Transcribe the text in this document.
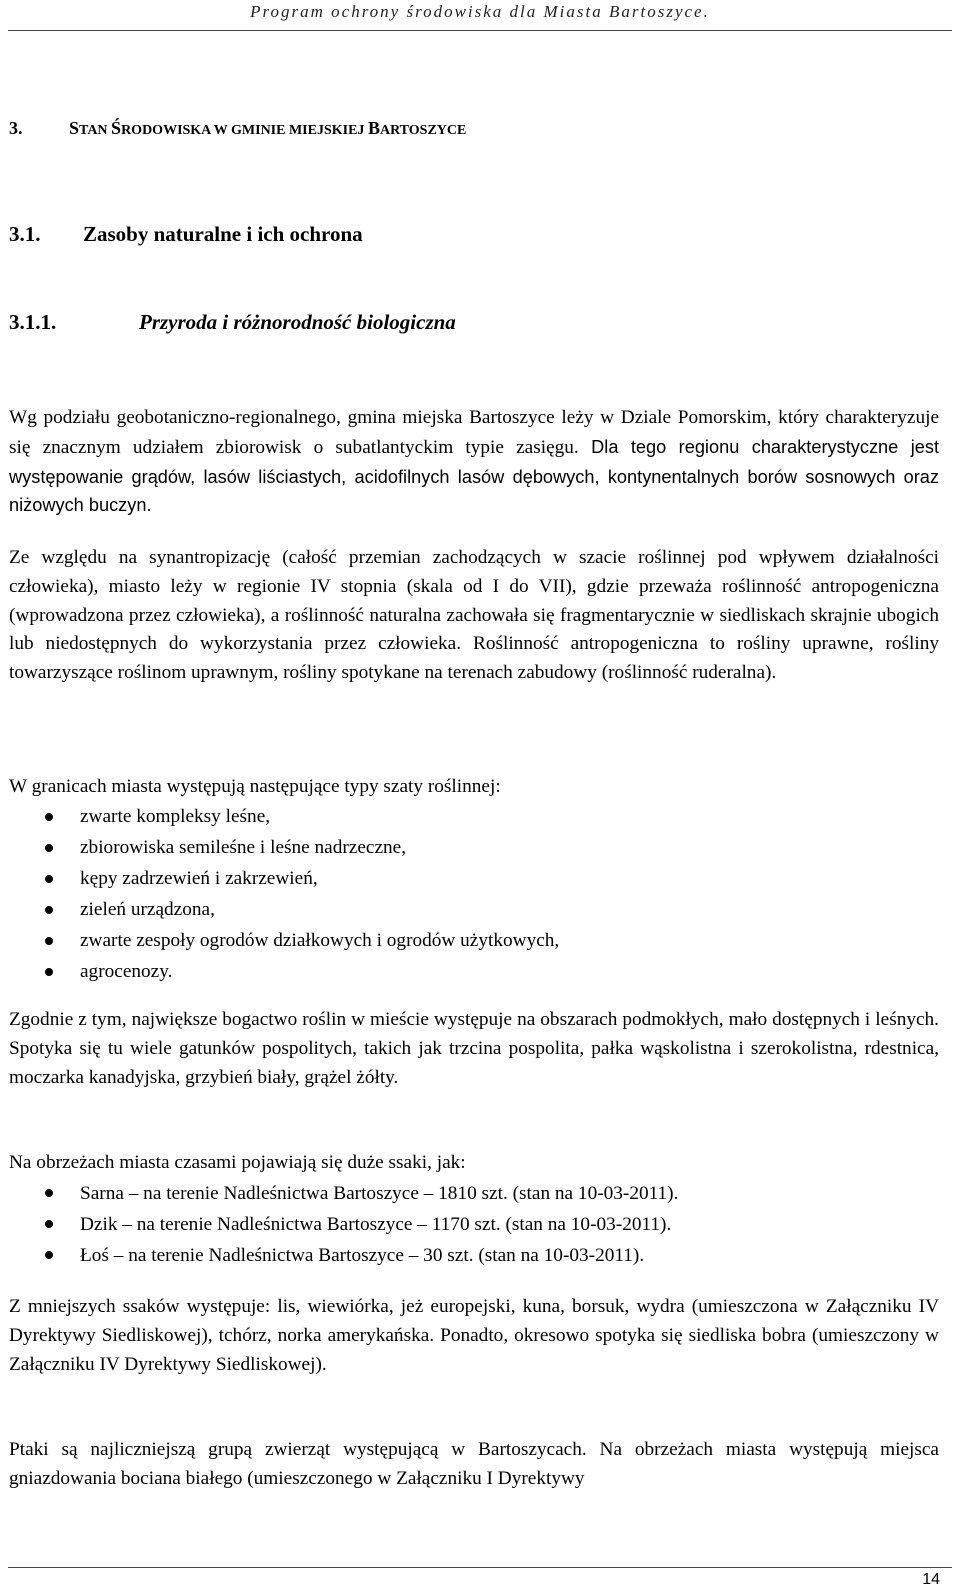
Program ochrony środowiska dla Miasta Bartoszyce.
3.	STAN ŚRODOWISKA W GMINIE MIEJSKIEJ BARTOSZYCE
3.1. Zasoby naturalne i ich ochrona
3.1.1.	Przyroda i różnorodność biologiczna

Wg podziału geobotaniczno-regionalnego, gmina miejska Bartoszyce leży w Dziale Pomorskim, który charakteryzuje się znacznym udziałem zbiorowisk o subatlantyckim typie zasięgu. Dla tego regionu charakterystyczne jest występowanie grądów, lasów liściastych, acidofilnych lasów dębowych, kontynentalnych borów sosnowych oraz niżowych buczyn.

Ze względu na synantropizację (całość przemian zachodzących w szacie roślinnej pod wpływem działalności człowieka), miasto leży w regionie IV stopnia (skala od I do VII), gdzie przeważa roślinność antropogeniczna (wprowadzona przez człowieka), a roślinność naturalna zachowała się fragmentarycznie w siedliskach skrajnie ubogich lub niedostępnych do wykorzystania przez człowieka. Roślinność antropogeniczna to rośliny uprawne, rośliny towarzyszące roślinom uprawnym, rośliny spotykane na terenach zabudowy (roślinność ruderalna).

W granicach miasta występują następujące typy szaty roślinnej:

zwarte kompleksy leśne,
zbiorowiska semileśne i leśne nadrzeczne,
kępy zadrzewień i zakrzewień,
zieleń urządzona,
zwarte zespoły ogrodów działkowych i ogrodów użytkowych,
agrocenozy.

Zgodnie z tym, największe bogactwo roślin w mieście występuje na obszarach podmokłych, mało dostępnych i leśnych. Spotyka się tu wiele gatunków pospolitych, takich jak trzcina pospolita, pałka wąskolistna i szerokolistna, rdestnica, moczarka kanadyjska, grzybień biały, grążel żółty.

Na obrzeżach miasta czasami pojawiają się duże ssaki, jak:

Sarna – na terenie Nadleśnictwa Bartoszyce – 1810 szt. (stan na 10-03-2011).
Dzik – na terenie Nadleśnictwa Bartoszyce – 1170 szt. (stan na 10-03-2011).
Łoś – na terenie Nadleśnictwa Bartoszyce – 30 szt. (stan na 10-03-2011).

Z mniejszych ssaków występuje: lis, wiewiórka, jeż europejski, kuna, borsuk, wydra (umieszczona w Załączniku IV Dyrektywy Siedliskowej), tchórz, norka amerykańska. Ponadto, okresowo spotyka się siedliska bobra (umieszczony w Załączniku IV Dyrektywy Siedliskowej).

Ptaki są najliczniejszą grupą zwierząt występującą w Bartoszycach. Na obrzeżach miasta występują miejsca gniazdowania bociana białego (umieszczonego w Załączniku I Dyrektywy

14
